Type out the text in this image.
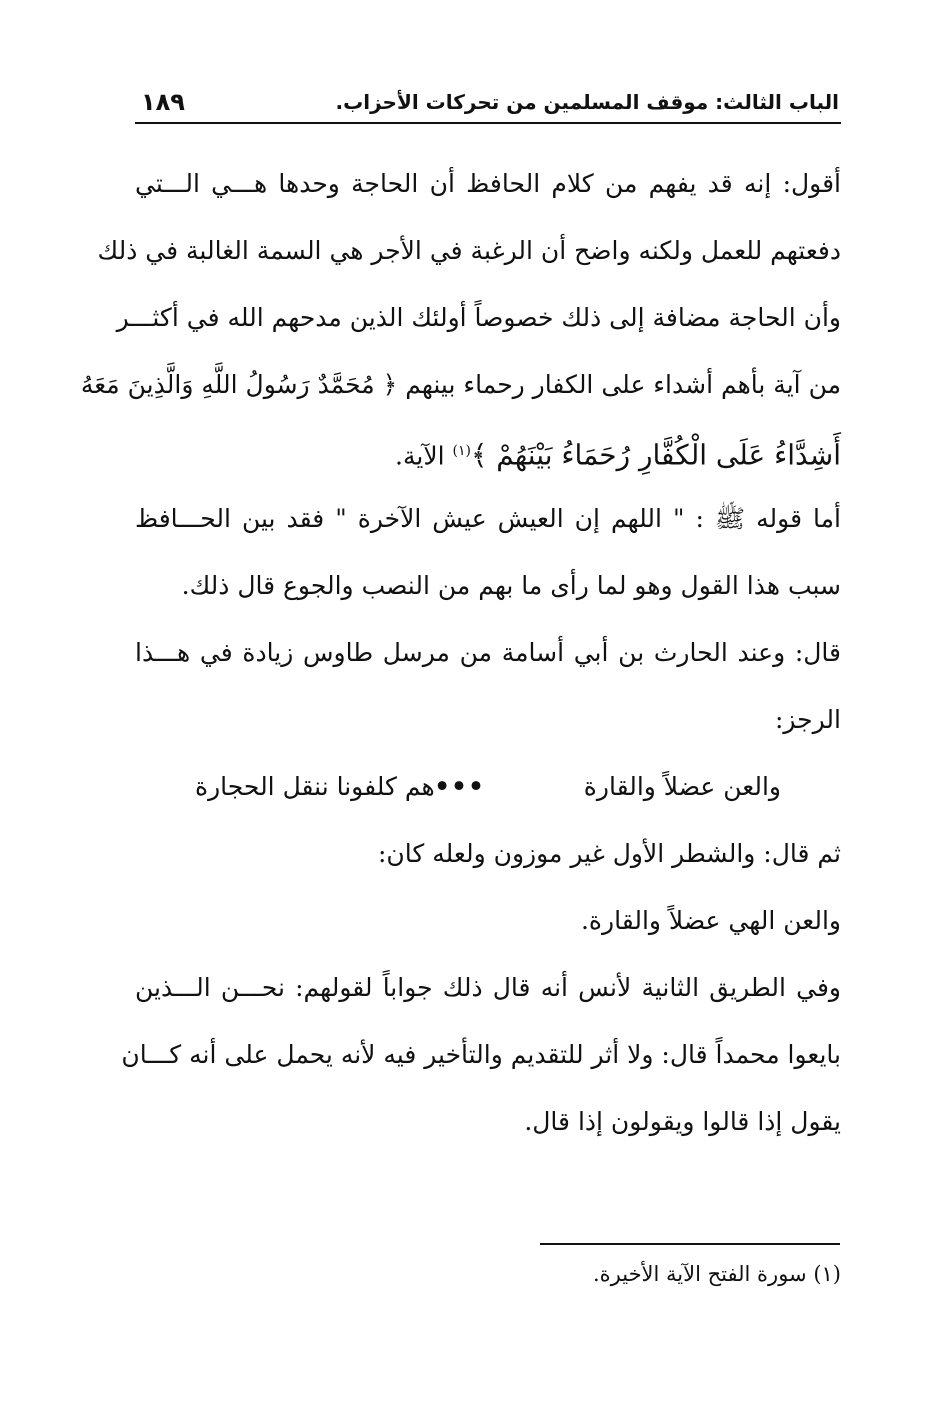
الباب الثالث: موقف المسلمين من تحركات الأحزاب.
١٨٩
أقول: إنه قد يفهم من كلام الحافظ أن الحاجة وحدها هـــي الـــتي
دفعتهم للعمل ولكنه واضح أن الرغبة في الأجر هي السمة الغالبة في ذلك
وأن الحاجة مضافة إلى ذلك خصوصاً أولئك الذين مدحهم الله في أكثـــر
من آية بأهم أشداء على الكفار رحماء بينهم ﴿ مُحَمَّدٌ رَسُولُ اللَّهِ وَالَّذِينَ مَعَهُ
أَشِدَّاءُ عَلَى الْكُفَّارِ رُحَمَاءُ بَيْنَهُمْ ﴾$^{(١)}$ الآية.
أما قوله ﷺ : " اللهم إن العيش عيش الآخرة " فقد بين الحـــافظ
سبب هذا القول وهو لما رأى ما بهم من النصب والجوع قال ذلك.
قال: وعند الحارث بن أبي أسامة من مرسل طاوس زيادة في هـــذا
الرجز:
والعن عضلاً والقارة
•••
هم كلفونا ننقل الحجارة
ثم قال: والشطر الأول غير موزون ولعله كان:
والعن الهي عضلاً والقارة.
وفي الطريق الثانية لأنس أنه قال ذلك جواباً لقولهم: نحـــن الـــذين
بايعوا محمداً قال: ولا أثر للتقديم والتأخير فيه لأنه يحمل على أنه كـــان
يقول إذا قالوا ويقولون إذا قال.
(١) سورة الفتح الآية الأخيرة.
